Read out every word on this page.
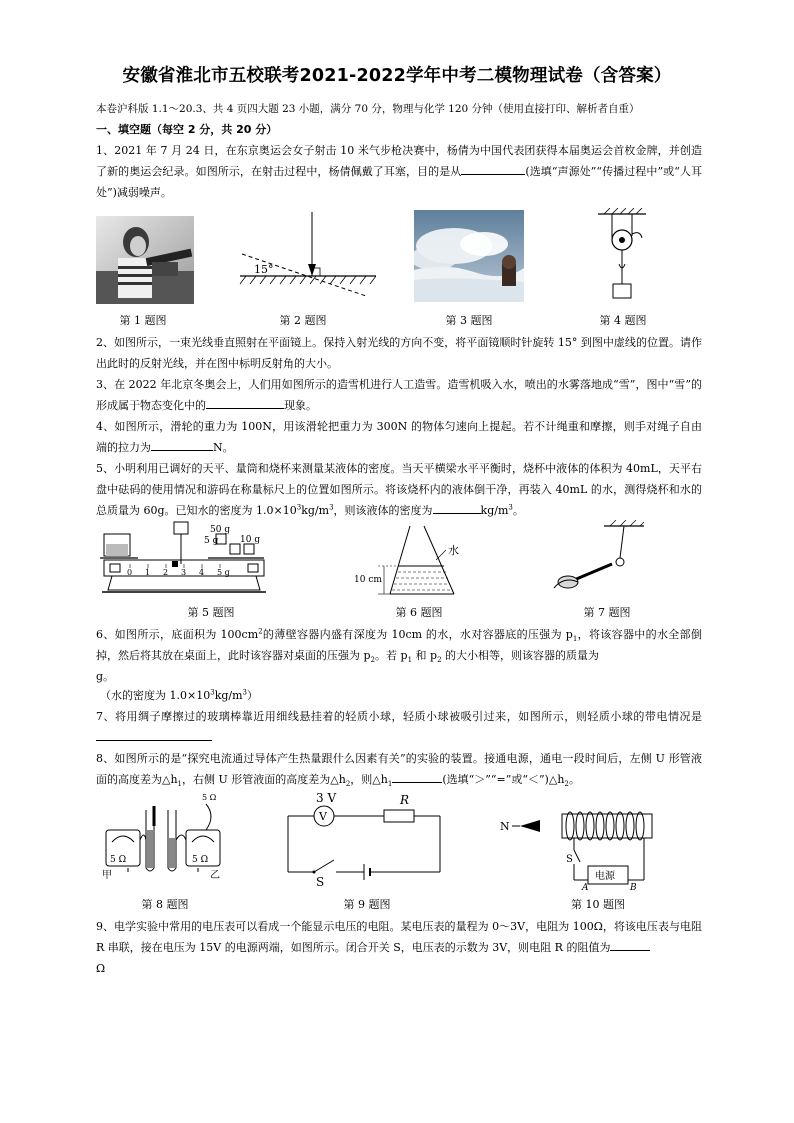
安徽省淮北市五校联考2021-2022学年中考二模物理试卷（含答案）
本卷沪科版 1.1～20.3、共 4 页四大题 23 小题，满分 70 分，物理与化学 120 分钟（使用直接打印、解析者自重）
一、填空题（每空 2 分，共 20 分）
1、2021 年 7 月 24 日，在东京奥运会女子射击 10 米气步枪决赛中，杨倩为中国代表团获得本届奥运会首枚金牌，并创造了新的奥运会纪录。如图所示，在射击过程中，杨倩佩戴了耳塞，目的是从	(选填“声源处”“传播过程中”或“人耳处”)减弱噪声。
15°
第 1 题图	第 2 题图	第 3 题图	第 4 题图
2、如图所示，一束光线垂直照射在平面镜上。保持入射光线的方向不变，将平面镜顺时针旋转 15° 到图中虚线的位置。请作出此时的反射光线，并在图中标明反射角的大小。
3、在 2022 年北京冬奥会上，人们用如图所示的造雪机进行人工造雪。造雪机吸入水，喷出的水雾落地成“雪”，图中“雪”的形成属于物态变化中的	现象。
4、如图所示，滑轮的重力为 100N，用该滑轮把重力为 300N 的物体匀速向上提起。若不计绳重和摩擦，则手对绳子自由端的拉力为	N。
5、小明利用已调好的天平、量筒和烧杯来测量某液体的密度。当天平横梁水平平衡时，烧杯中液体的体积为 40mL，天平右盘中砝码的使用情况和游码在称量标尺上的位置如图所示。将该烧杯内的液体倒干净，再装入 40mL 的水，测得烧杯和水的总质量为 60g。已知水的密度为 $1.0\times 10^3kg/m^3$，则该液体的密度为	$kg/m^3$。
50 g
5 g 10 g
0 1 2 3 4 5 g
水
10 cm
第 5 题图	第 6 题图	第 7 题图
6、如图所示，底面积为 $100cm^2$的薄壁容器内盛有深度为 10cm 的水，水对容器底的压强为 $p_1$，将该容器中的水全部倒掉，然后将其放在桌面上，此时该容器对桌面的压强为 $p_2$。若 $p_1$ 和 $p_2$ 的大小相等，则该容器的质量为
g。
（水的密度为 $1.0\times 10^3kg/m^3$）
7、将用绸子摩擦过的玻璃棒靠近用细线悬挂着的轻质小球，轻质小球被吸引过来，如图所示，则轻质小球的带电情况是
8、如图所示的是“探究电流通过导体产生热量跟什么因素有关”的实验的装置。接通电源，通电一段时间后，左侧 U 形管液面的高度差为$\triangle h_1$，右侧 U 形管液面的高度差为$\triangle h_2$，则$\triangle h_1$	(选填“＞”“=”或“$<”)\triangle h_2$。
5 Ω	5 Ω
5 Ω
甲	乙
3 V	R
V
S
N
S
电源
A	B
第 8 题图	第 9 题图	第 10 题图
9、电学实验中常用的电压表可以看成一个能显示电压的电阻。某电压表的量程为 0～3V，电阻为 100Ω，将该电压表与电阻 R 串联，接在电压为 15V 的电源两端，如图所示。闭合开关 S，电压表的示数为 3V，则电阻 R 的阻值为
Ω
